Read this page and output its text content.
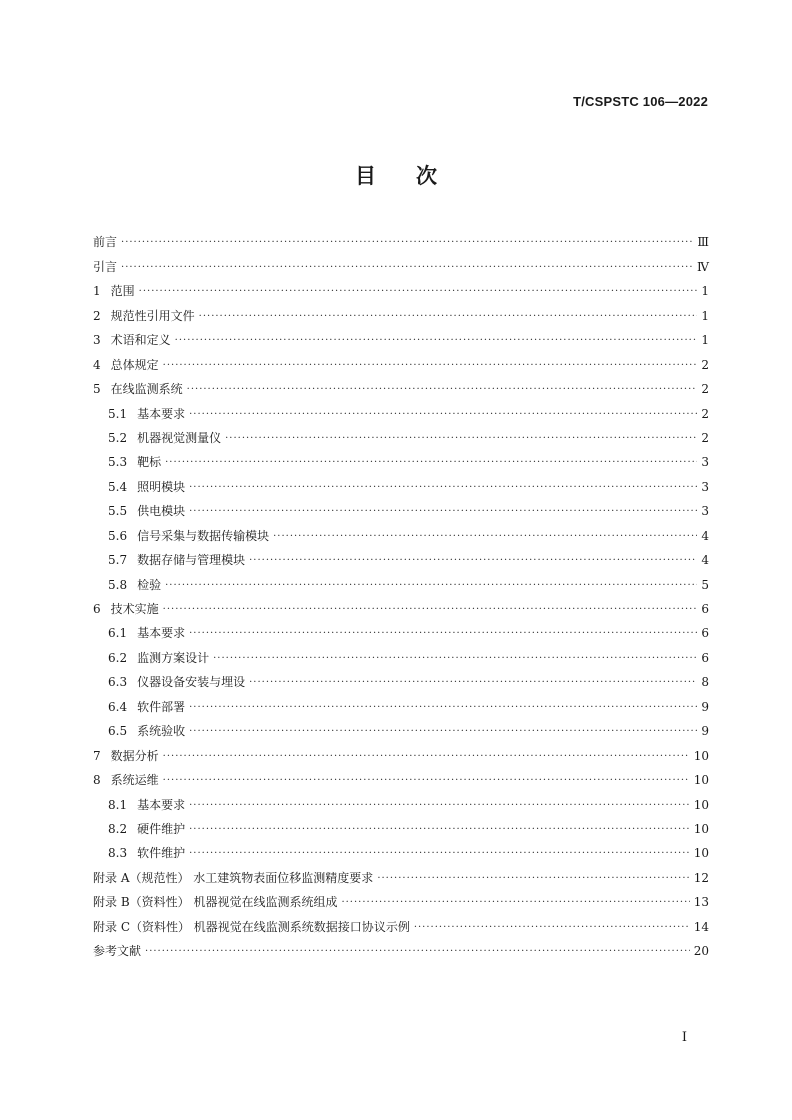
T/CSPSTC 106—2022
目 次
前言 ·····	Ⅲ
引言 ·····	Ⅳ
1 范围 ·····	1
2 规范性引用文件 ·····	1
3 术语和定义 ·····	1
4 总体规定 ·····	2
5 在线监测系统 ·····	2
5.1 基本要求 ·····	2
5.2 机器视觉测量仪 ·····	2
5.3 靶标 ·····	3
5.4 照明模块 ·····	3
5.5 供电模块 ·····	3
5.6 信号采集与数据传输模块 ·····	4
5.7 数据存储与管理模块 ·····	4
5.8 检验 ·····	5
6 技术实施 ·····	6
6.1 基本要求 ·····	6
6.2 监测方案设计 ·····	6
6.3 仪器设备安装与埋设 ·····	8
6.4 软件部署 ·····	9
6.5 系统验收 ·····	9
7 数据分析 ·····	10
8 系统运维 ·····	10
8.1 基本要求 ·····	10
8.2 硬件维护 ·····	10
8.3 软件维护 ·····	10
附录 A（规范性） 水工建筑物表面位移监测精度要求 ·····	12
附录 B（资料性） 机器视觉在线监测系统组成 ·····	13
附录 C（资料性） 机器视觉在线监测系统数据接口协议示例 ·····	14
参考文献 ·····	20
I
